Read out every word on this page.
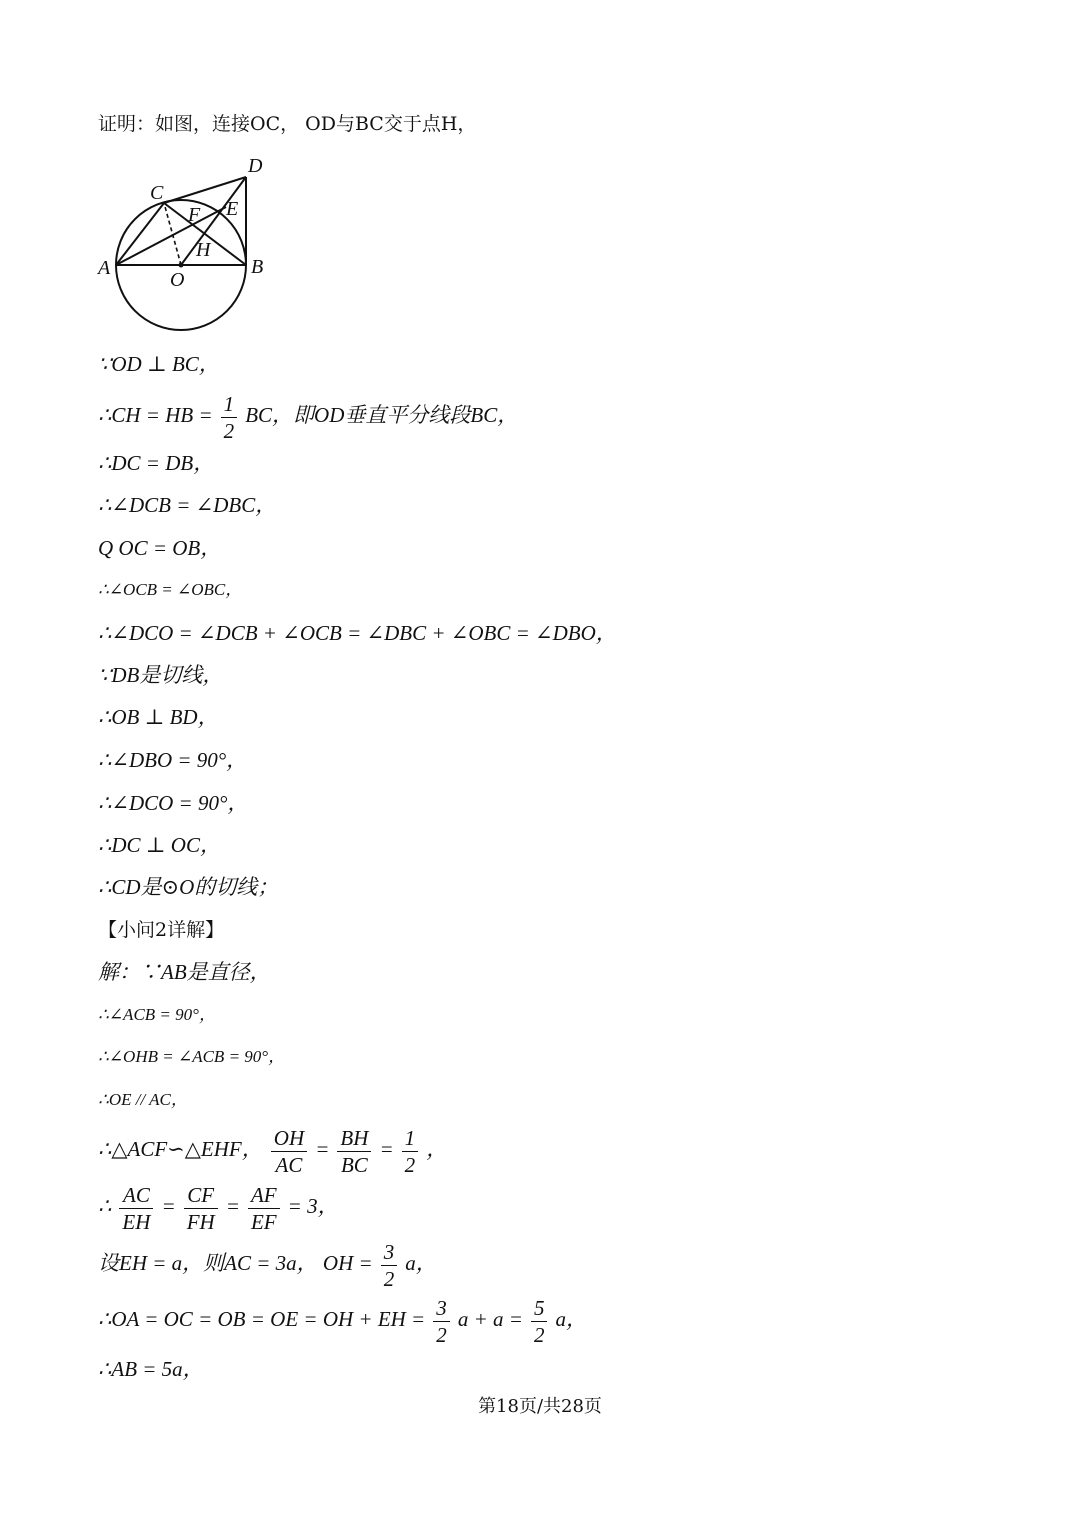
证明：如图，连接OC， OD与BC交于点H，
A	B
C
D
E
F
H
O
∵OD ⊥ BC，
∴CH = HB = $\frac{1}{2}$ BC，即OD垂直平分线段BC，
∴DC = DB，
∴∠DCB = ∠DBC，
Q OC = OB，
∴∠OCB = ∠OBC，
∴∠DCO = ∠DCB + ∠OCB = ∠DBC + ∠OBC = ∠DBO，
∵DB是切线，
∴OB ⊥ BD，
∴∠DBO = 90°，
∴∠DCO = 90°，
∴DC ⊥ OC，
∴CD是⊙O的切线；
【小问2详解】
解：∵AB是直径，
∴∠ACB = 90°，
∴∠OHB = ∠ACB = 90°，
∴OE // AC，
∴△ACF∽△EHF， $\frac{OH}{AC} = \frac{BH}{BC} = \frac{1}{2}$ ，
∴ $\frac{AC}{EH} = \frac{CF}{FH} = \frac{AF}{EF} = 3$，
设EH = a，则AC = 3a， OH = $\frac{3}{2}$ a，
∴OA = OC = OB = OE = OH + EH = $\frac{3}{2}$ $a + a = \frac{5}{2}$ a，
∴AB = 5a，
第18页/共28页
